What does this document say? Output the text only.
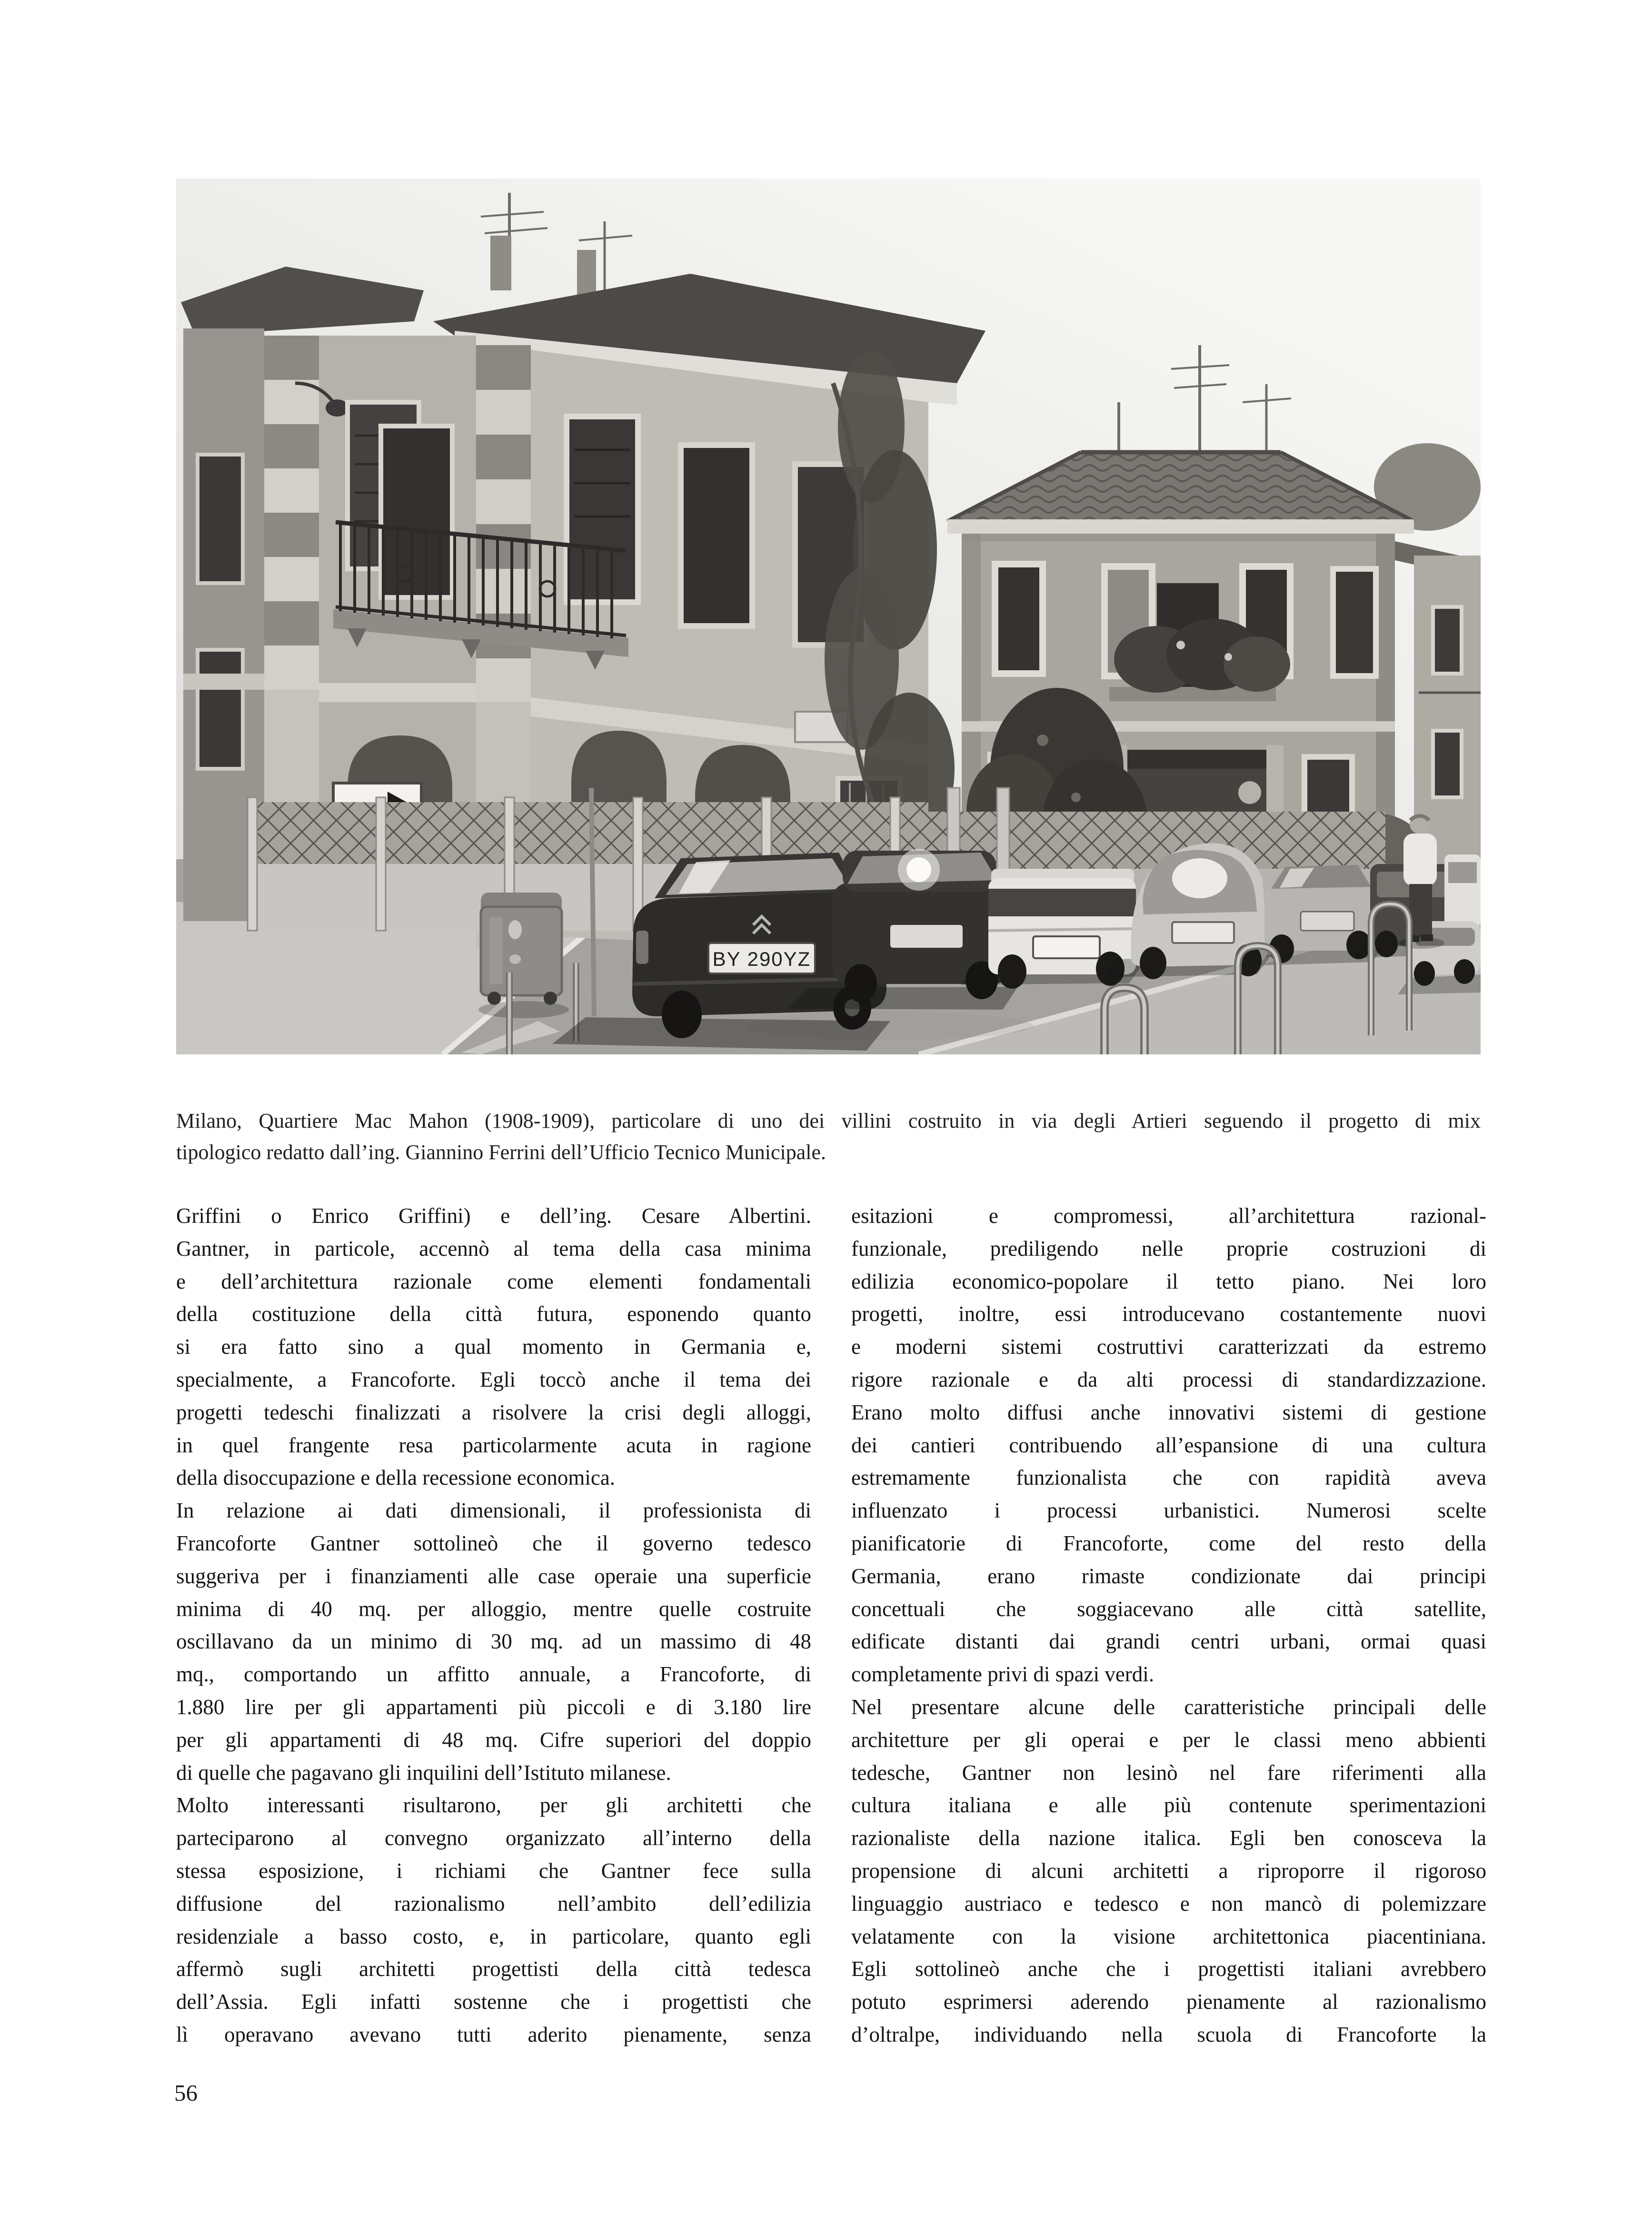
BY 290YZ
Milano, Quartiere Mac Mahon (1908-1909), particolare di uno dei villini costruito in via degli Artieri seguendo il progetto di mix
tipologico redatto dall’ing. Giannino Ferrini dell’Ufficio Tecnico Municipale.
Griffini o Enrico Griffini) e dell’ing. Cesare Albertini.
Gantner, in particole, accennò al tema della casa minima
e dell’architettura razionale come elementi fondamentali
della costituzione della città futura, esponendo quanto
si era fatto sino a qual momento in Germania e,
specialmente, a Francoforte. Egli toccò anche il tema dei
progetti tedeschi finalizzati a risolvere la crisi degli alloggi,
in quel frangente resa particolarmente acuta in ragione
della disoccupazione e della recessione economica.
In relazione ai dati dimensionali, il professionista di
Francoforte Gantner sottolineò che il governo tedesco
suggeriva per i finanziamenti alle case operaie una superficie
minima di 40 mq. per alloggio, mentre quelle costruite
oscillavano da un minimo di 30 mq. ad un massimo di 48
mq., comportando un affitto annuale, a Francoforte, di
1.880 lire per gli appartamenti più piccoli e di 3.180 lire
per gli appartamenti di 48 mq. Cifre superiori del doppio
di quelle che pagavano gli inquilini dell’Istituto milanese.
Molto interessanti risultarono, per gli architetti che
parteciparono al convegno organizzato all’interno della
stessa esposizione, i richiami che Gantner fece sulla
diffusione del razionalismo nell’ambito dell’edilizia
residenziale a basso costo, e, in particolare, quanto egli
affermò sugli architetti progettisti della città tedesca
dell’Assia. Egli infatti sostenne che i progettisti che
lì operavano avevano tutti aderito pienamente, senza
esitazioni e compromessi, all’architettura razional-
funzionale, prediligendo nelle proprie costruzioni di
edilizia economico-popolare il tetto piano. Nei loro
progetti, inoltre, essi introducevano costantemente nuovi
e moderni sistemi costruttivi caratterizzati da estremo
rigore razionale e da alti processi di standardizzazione.
Erano molto diffusi anche innovativi sistemi di gestione
dei cantieri contribuendo all’espansione di una cultura
estremamente funzionalista che con rapidità aveva
influenzato i processi urbanistici. Numerosi scelte
pianificatorie di Francoforte, come del resto della
Germania, erano rimaste condizionate dai principi
concettuali che soggiacevano alle città satellite,
edificate distanti dai grandi centri urbani, ormai quasi
completamente privi di spazi verdi.
Nel presentare alcune delle caratteristiche principali delle
architetture per gli operai e per le classi meno abbienti
tedesche, Gantner non lesinò nel fare riferimenti alla
cultura italiana e alle più contenute sperimentazioni
razionaliste della nazione italica. Egli ben conosceva la
propensione di alcuni architetti a riproporre il rigoroso
linguaggio austriaco e tedesco e non mancò di polemizzare
velatamente con la visione architettonica piacentiniana.
Egli sottolineò anche che i progettisti italiani avrebbero
potuto esprimersi aderendo pienamente al razionalismo
d’oltralpe, individuando nella scuola di Francoforte la
56
